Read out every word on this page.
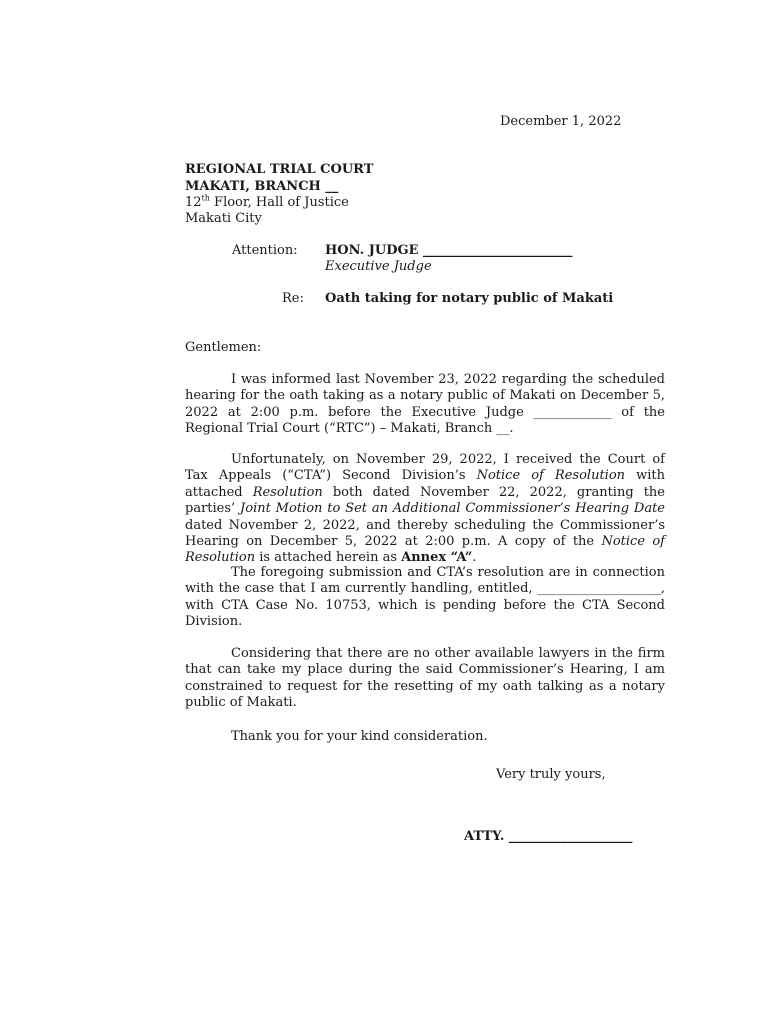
December 1, 2022
REGIONAL TRIAL COURT
MAKATI, BRANCH __
12th Floor, Hall of Justice
Makati City
Attention: HON. JUDGE _______________________
Executive Judge
Re: Oath taking for notary public of Makati
Gentlemen:

I was informed last November 23, 2022 regarding the scheduled hearing for the oath taking as a notary public of Makati on December 5, 2022 at 2:00 p.m. before the Executive Judge ____________ of the Regional Trial Court (“RTC”) – Makati, Branch __.

Unfortunately, on November 29, 2022, I received the Court of Tax Appeals (“CTA”) Second Division’s Notice of Resolution with attached Resolution both dated November 22, 2022, granting the parties’ Joint Motion to Set an Additional Commissioner’s Hearing Date dated November 2, 2022, and thereby scheduling the Commissioner’s Hearing on December 5, 2022 at 2:00 p.m. A copy of the Notice of Resolution is attached herein as Annex “A”.

The foregoing submission and CTA’s resolution are in connection with the case that I am currently handling, entitled, ___________________, with CTA Case No. 10753, which is pending before the CTA Second Division.

Considering that there are no other available lawyers in the firm that can take my place during the said Commissioner’s Hearing, I am constrained to request for the resetting of my oath talking as a notary public of Makati.

Thank you for your kind consideration.
Very truly yours,
ATTY. ___________________
